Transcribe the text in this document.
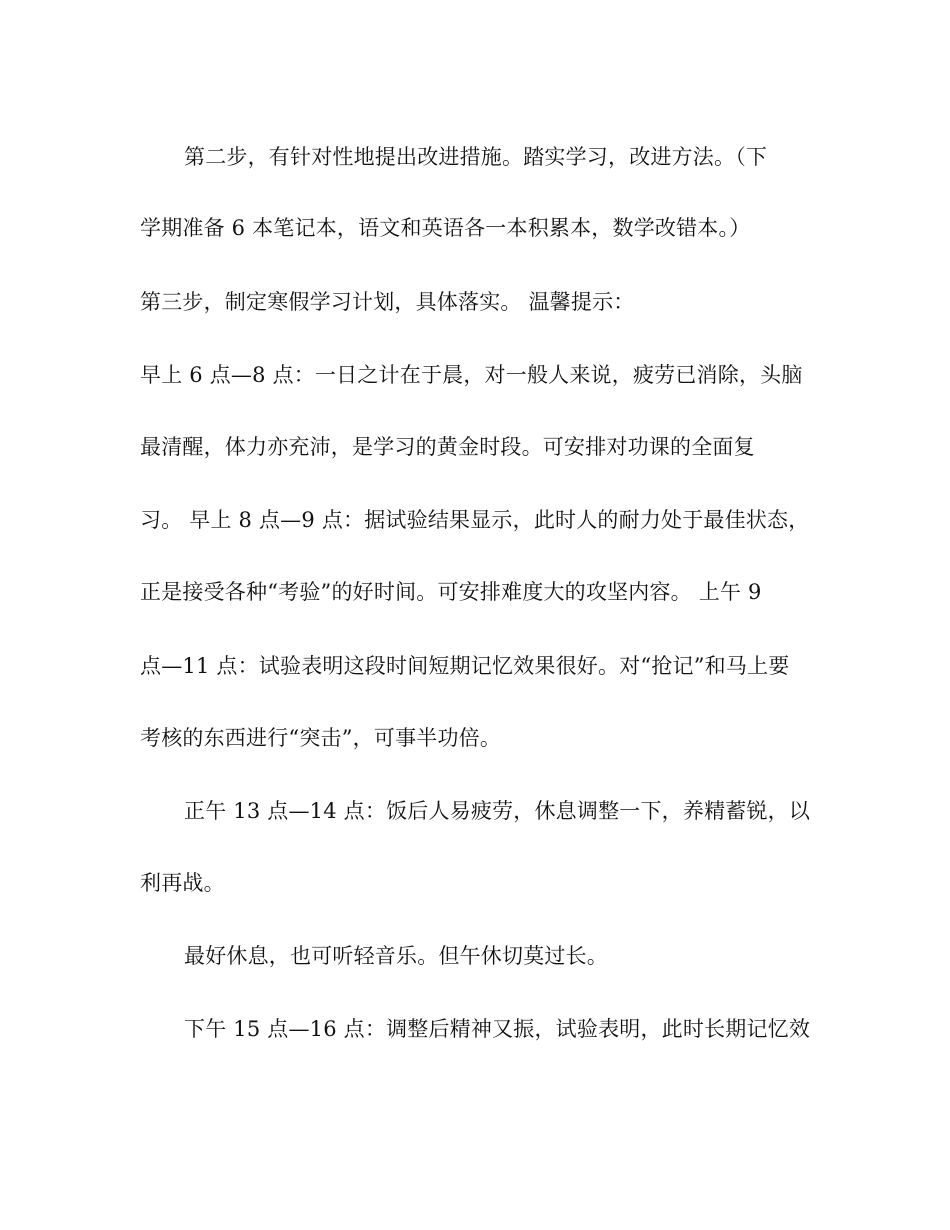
第二步，有针对性地提出改进措施。踏实学习，改进方法。（下
学期准备 6 本笔记本，语文和英语各一本积累本，数学改错本。）
第三步，制定寒假学习计划，具体落实。 温馨提示：
早上 6 点—8 点：一日之计在于晨，对一般人来说，疲劳已消除，头脑
最清醒，体力亦充沛，是学习的黄金时段。可安排对功课的全面复
习。 早上 8 点—9 点：据试验结果显示，此时人的耐力处于最佳状态，
正是接受各种“考验”的好时间。可安排难度大的攻坚内容。 上午 9
点—11 点：试验表明这段时间短期记忆效果很好。对“抢记”和马上要
考核的东西进行“突击”，可事半功倍。
正午 13 点—14 点：饭后人易疲劳，休息调整一下，养精蓄锐，以
利再战。
最好休息，也可听轻音乐。但午休切莫过长。
下午 15 点—16 点：调整后精神又振，试验表明，此时长期记忆效
